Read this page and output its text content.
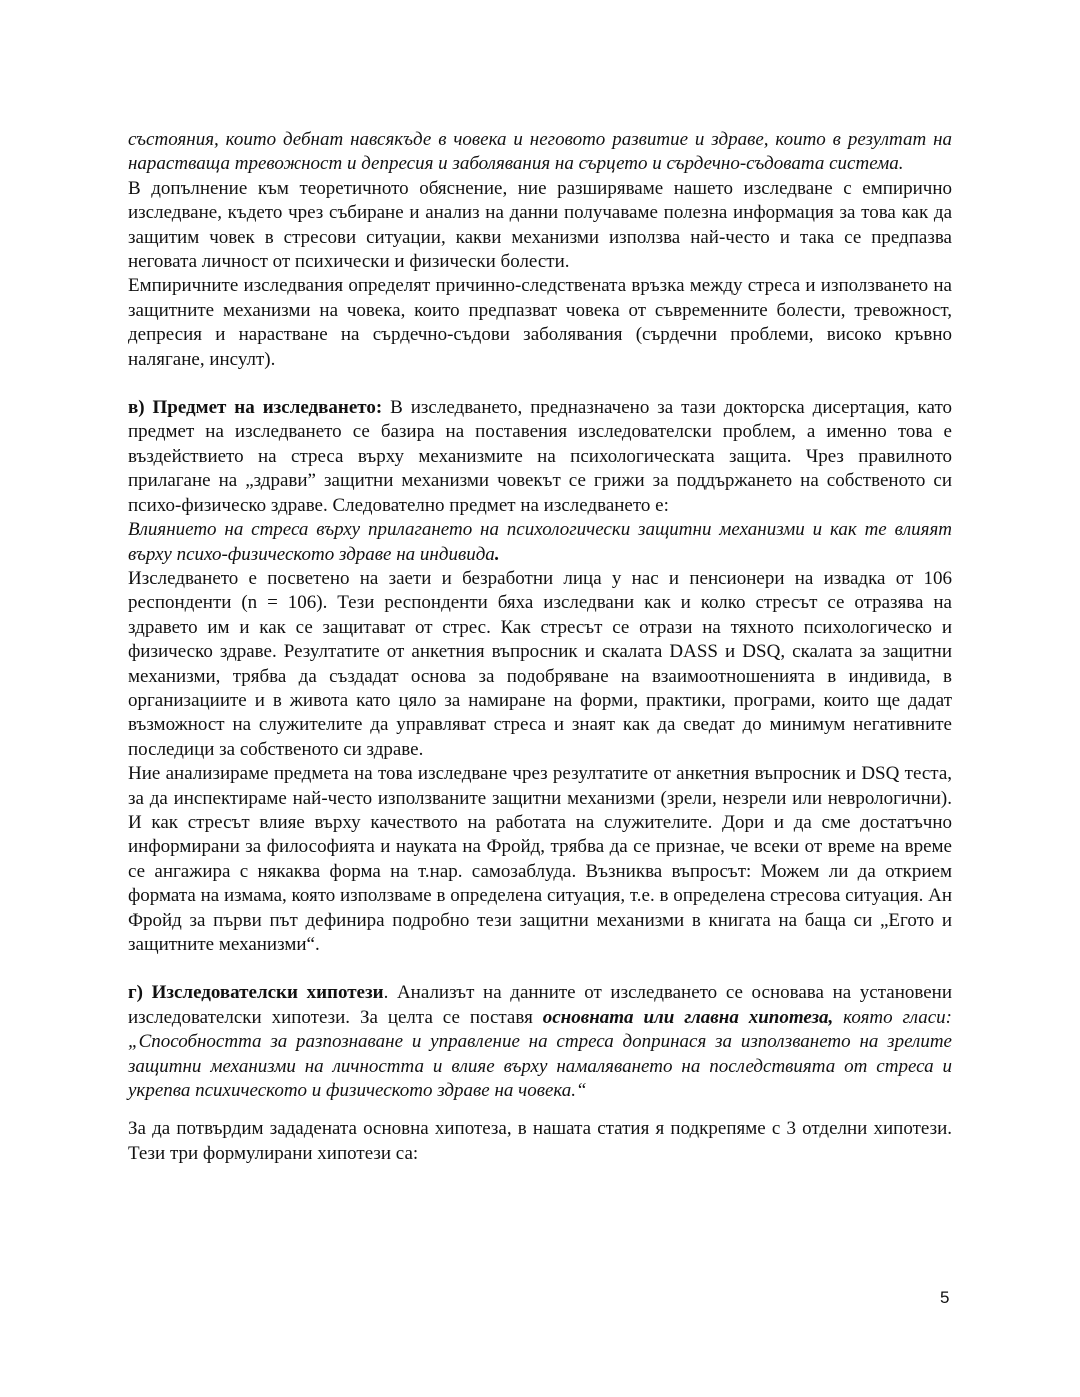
състояния, които дебнат навсякъде в човека и неговото развитие и здраве, които в резултат на нарастваща тревожност и депресия и заболявания на сърцето и сърдечно-съдовата система.

В допълнение към теоретичното обяснение, ние разширяваме нашето изследване с емпирично изследване, където чрез събиране и анализ на данни получаваме полезна информация за това как да защитим човек в стресови ситуации, какви механизми използва най-често и така се предпазва неговата личност от психически и физически болести.

Емпиричните изследвания определят причинно-следствената връзка между стреса и използването на защитните механизми на човека, които предпазват човека от съвременните болести, тревожност, депресия и нарастване на сърдечно-съдови заболявания (сърдечни проблеми, високо кръвно налягане, инсулт).

в) Предмет на изследването: В изследването, предназначено за тази докторска дисертация, като предмет на изследването се базира на поставения изследователски проблем, а именно това е въздействието на стреса върху механизмите на психологическата защита. Чрез правилното прилагане на „здрави” защитни механизми човекът се грижи за поддържането на собственото си психо-физическо здраве. Следователно предмет на изследването е:

Влиянието на стреса върху прилагането на психологически защитни механизми и как те влияят върху психо-физическото здраве на индивида.

Изследването е посветено на заети и безработни лица у нас и пенсионери на извадка от 106 респонденти (n = 106). Тези респонденти бяха изследвани как и колко стресът се отразява на здравето им и как се защитават от стрес. Как стресът се отрази на тяхното психологическо и физическо здраве. Резултатите от анкетния въпросник и скалата DASS и DSQ, скалата за защитни механизми, трябва да създадат основа за подобряване на взаимоотношенията в индивида, в организациите и в живота като цяло за намиране на форми, практики, програми, които ще дадат възможност на служителите да управляват стреса и знаят как да сведат до минимум негативните последици за собственото си здраве.

Ние анализираме предмета на това изследване чрез резултатите от анкетния въпросник и DSQ теста, за да инспектираме най-често използваните защитни механизми (зрели, незрели или неврологични). И как стресът влияе върху качеството на работата на служителите. Дори и да сме достатъчно информирани за философията и науката на Фройд, трябва да се признае, че всеки от време на време се ангажира с някаква форма на т.нар. самозаблуда. Възниква въпросът: Можем ли да открием формата на измама, която използваме в определена ситуация, т.е. в определена стресова ситуация. Ан Фройд за първи път дефинира подробно тези защитни механизми в книгата на баща си „Егото и защитните механизми“.

г) Изследователски хипотези. Анализът на данните от изследването се основава на установени изследователски хипотези. За целта се поставя основната или главна хипотеза, която гласи: „Способността за разпознаване и управление на стреса допринася за използването на зрелите защитни механизми на личността и влияе върху намаляването на последствията от стреса и укрепва психическото и физическото здраве на човека.“

За да потвърдим зададената основна хипотеза, в нашата статия я подкрепяме с 3 отделни хипотези. Тези три формулирани хипотези са:

5
